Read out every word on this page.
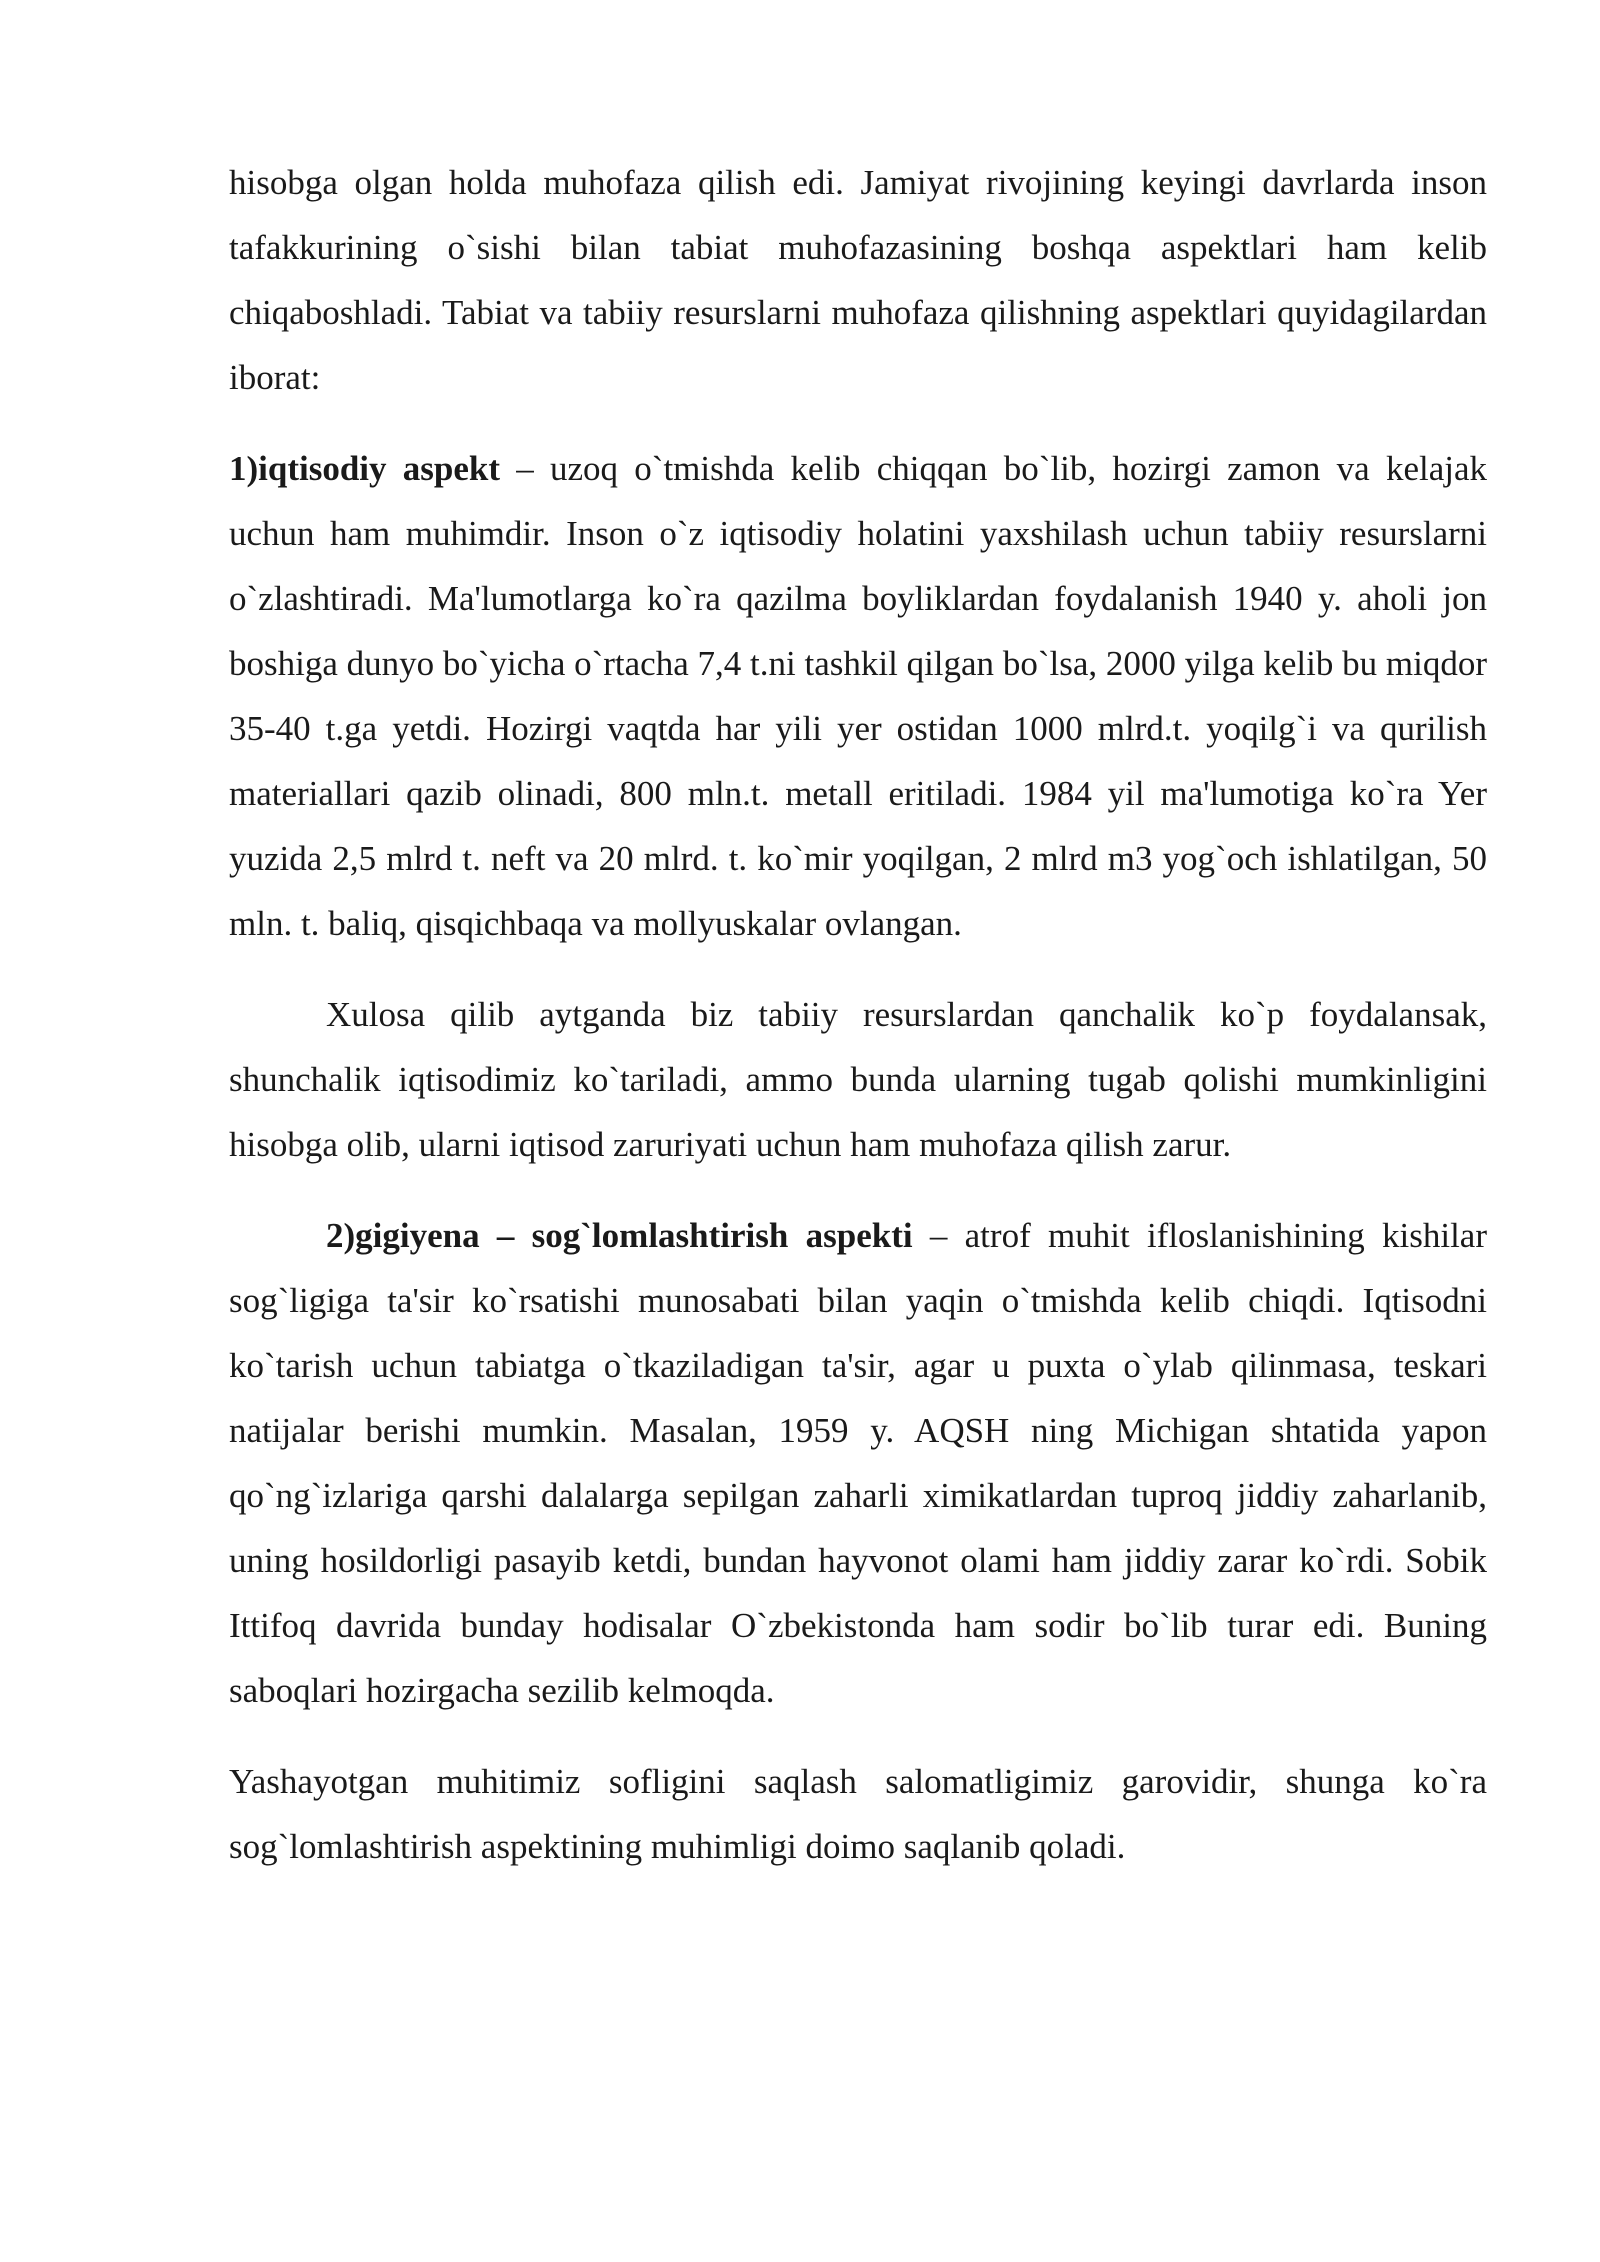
hisobga olgan holda muhofaza qilish edi. Jamiyat rivojining keyingi davrlarda inson tafakkurining o`sishi bilan tabiat muhofazasining boshqa aspektlari ham kelib chiqaboshladi. Tabiat va tabiiy resurslarni muhofaza qilishning aspektlari quyidagilardan iborat:

1)iqtisodiy aspekt – uzoq o`tmishda kelib chiqqan bo`lib, hozirgi zamon va kelajak uchun ham muhimdir. Inson o`z iqtisodiy holatini yaxshilash uchun tabiiy resurslarni o`zlashtiradi. Ma'lumotlarga ko`ra qazilma boyliklardan foydalanish 1940 y. aholi jon boshiga dunyo bo`yicha o`rtacha 7,4 t.ni tashkil qilgan bo`lsa, 2000 yilga kelib bu miqdor 35-40 t.ga yetdi. Hozirgi vaqtda har yili yer ostidan 1000 mlrd.t. yoqilg`i va qurilish materiallari qazib olinadi, 800 mln.t. metall eritiladi. 1984 yil ma'lumotiga ko`ra Yer yuzida 2,5 mlrd t. neft va 20 mlrd. t. ko`mir yoqilgan, 2 mlrd m3 yog`och ishlatilgan, 50 mln. t. baliq, qisqichbaqa va mollyuskalar ovlangan.

Xulosa qilib aytganda biz tabiiy resurslardan qanchalik ko`p foydalansak, shunchalik iqtisodimiz ko`tariladi, ammo bunda ularning tugab qolishi mumkinligini hisobga olib, ularni iqtisod zaruriyati uchun ham muhofaza qilish zarur.

2)gigiyena – sog`lomlashtirish aspekti – atrof muhit ifloslanishining kishilar sog`ligiga ta'sir ko`rsatishi munosabati bilan yaqin o`tmishda kelib chiqdi. Iqtisodni ko`tarish uchun tabiatga o`tkaziladigan ta'sir, agar u puxta o`ylab qilinmasa, teskari natijalar berishi mumkin. Masalan, 1959 y. AQSH ning Michigan shtatida yapon qo`ng`izlariga qarshi dalalarga sepilgan zaharli ximikatlardan tuproq jiddiy zaharlanib, uning hosildorligi pasayib ketdi, bundan hayvonot olami ham jiddiy zarar ko`rdi. Sobik Ittifoq davrida bunday hodisalar O`zbekistonda ham sodir bo`lib turar edi. Buning saboqlari hozirgacha sezilib kelmoqda.

Yashayotgan muhitimiz sofligini saqlash salomatligimiz garovidir, shunga ko`ra sog`lomlashtirish aspektining muhimligi doimo saqlanib qoladi.
